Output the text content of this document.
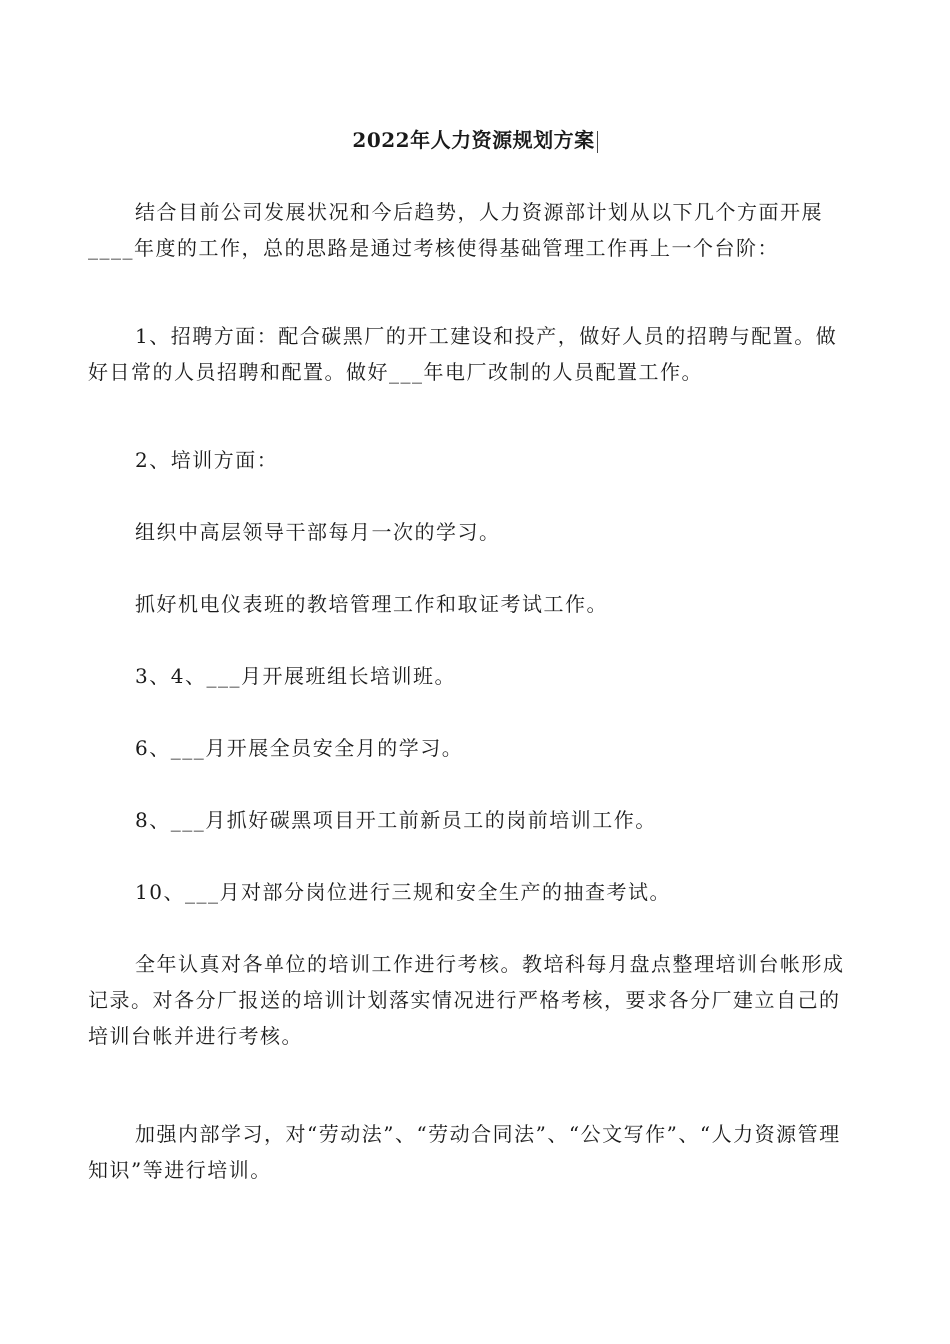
2022年人力资源规划方案
结合目前公司发展状况和今后趋势，人力资源部计划从以下几个方面开展
____年度的工作，总的思路是通过考核使得基础管理工作再上一个台阶：
1、招聘方面：配合碳黑厂的开工建设和投产，做好人员的招聘与配置。做
好日常的人员招聘和配置。做好___年电厂改制的人员配置工作。
2、培训方面：
组织中高层领导干部每月一次的学习。
抓好机电仪表班的教培管理工作和取证考试工作。
3、4、___月开展班组长培训班。
6、___月开展全员安全月的学习。
8、___月抓好碳黑项目开工前新员工的岗前培训工作。
10、___月对部分岗位进行三规和安全生产的抽查考试。
全年认真对各单位的培训工作进行考核。教培科每月盘点整理培训台帐形成
记录。对各分厂报送的培训计划落实情况进行严格考核，要求各分厂建立自己的
培训台帐并进行考核。
加强内部学习，对“劳动法”、“劳动合同法”、“公文写作”、“人力资源管理
知识”等进行培训。
